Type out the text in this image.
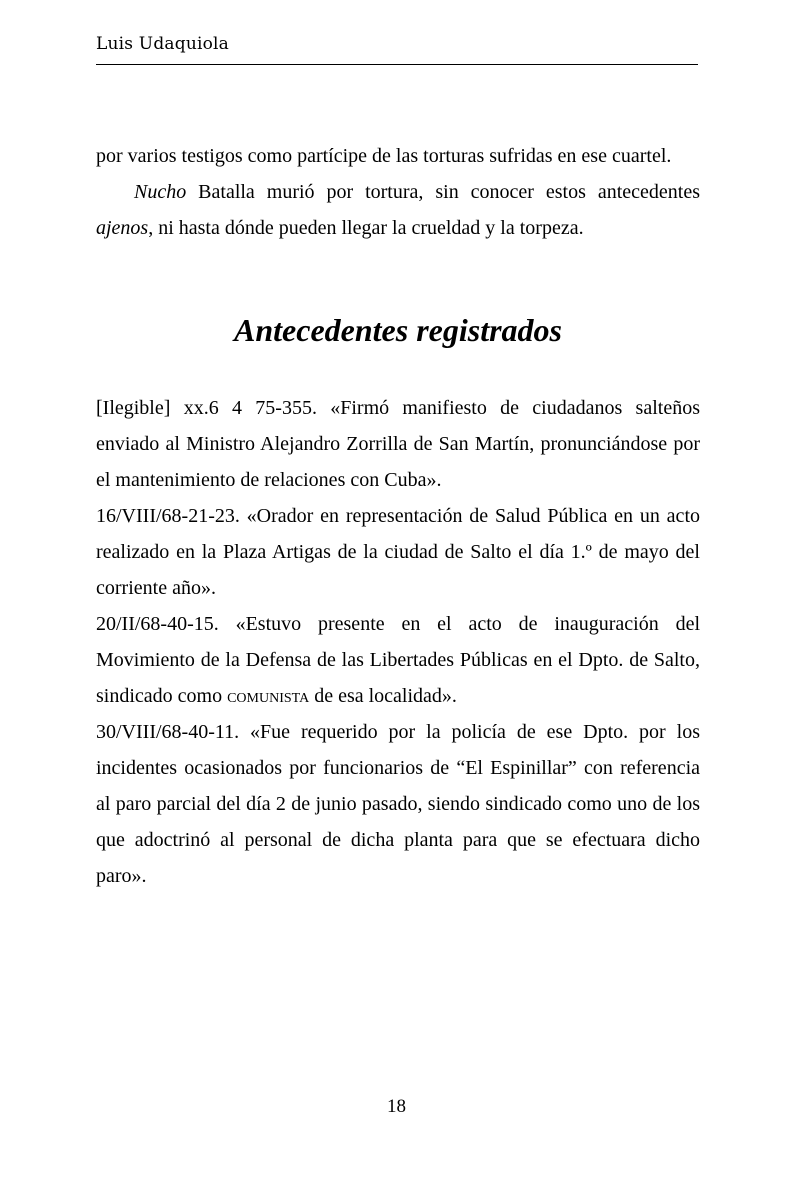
Luis Udaquiola

por varios testigos como partícipe de las torturas sufridas en ese cuartel.

Nucho Batalla murió por tortura, sin conocer estos antecedentes ajenos, ni hasta dónde pueden llegar la crueldad y la torpeza.

Antecedentes registrados

[Ilegible] xx.6 4 75-355. «Firmó manifiesto de ciudadanos salteños enviado al Ministro Alejandro Zorrilla de San Martín, pronunciándose por el mantenimiento de relaciones con Cuba».

16/VIII/68-21-23. «Orador en representación de Salud Pública en un acto realizado en la Plaza Artigas de la ciudad de Salto el día 1.º de mayo del corriente año».

20/II/68-40-15. «Estuvo presente en el acto de inauguración del Movimiento de la Defensa de las Libertades Públicas en el Dpto. de Salto, sindicado como comunista de esa localidad».

30/VIII/68-40-11. «Fue requerido por la policía de ese Dpto. por los incidentes ocasionados por funcionarios de “El Espinillar” con referencia al paro parcial del día 2 de junio pasado, siendo sindicado como uno de los que adoctrinó al personal de dicha planta para que se efectuara dicho paro».

18
